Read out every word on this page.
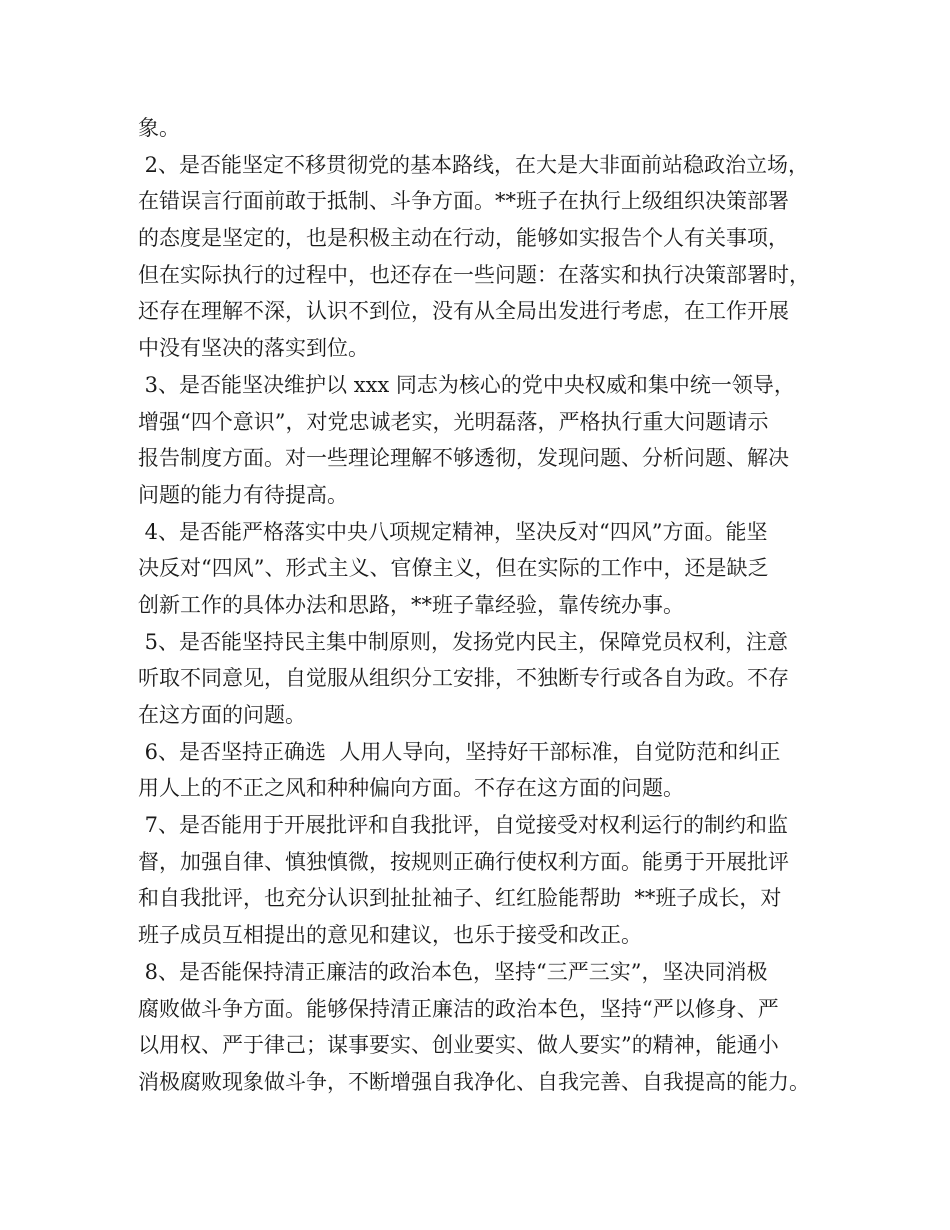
象。
2、是否能坚定不移贯彻党的基本路线，在大是大非面前站稳政治立场，
在错误言行面前敢于抵制、斗争方面。**班子在执行上级组织决策部署
的态度是坚定的，也是积极主动在行动，能够如实报告个人有关事项，
但在实际执行的过程中，也还存在一些问题：在落实和执行决策部署时，
还存在理解不深，认识不到位，没有从全局出发进行考虑，在工作开展
中没有坚决的落实到位。
3、是否能坚决维护以 xxx 同志为核心的党中央权威和集中统一领导，
增强“四个意识”，对党忠诚老实，光明磊落，严格执行重大问题请示
报告制度方面。对一些理论理解不够透彻，发现问题、分析问题、解决
问题的能力有待提高。
4、是否能严格落实中央八项规定精神，坚决反对“四风”方面。能坚
决反对“四风”、形式主义、官僚主义，但在实际的工作中，还是缺乏
创新工作的具体办法和思路，**班子靠经验，靠传统办事。
5、是否能坚持民主集中制原则，发扬党内民主，保障党员权利，注意
听取不同意见，自觉服从组织分工安排，不独断专行或各自为政。不存
在这方面的问题。
6、是否坚持正确选  人用人导向，坚持好干部标准，自觉防范和纠正
用人上的不正之风和种种偏向方面。不存在这方面的问题。
7、是否能用于开展批评和自我批评，自觉接受对权利运行的制约和监
督，加强自律、慎独慎微，按规则正确行使权利方面。能勇于开展批评
和自我批评，也充分认识到扯扯袖子、红红脸能帮助  **班子成长，对
班子成员互相提出的意见和建议，也乐于接受和改正。
8、是否能保持清正廉洁的政治本色，坚持“三严三实”，坚决同消极
腐败做斗争方面。能够保持清正廉洁的政治本色，坚持“严以修身、严
以用权、严于律己；谋事要实、创业要实、做人要实”的精神，能通小
消极腐败现象做斗争，不断增强自我净化、自我完善、自我提高的能力。
